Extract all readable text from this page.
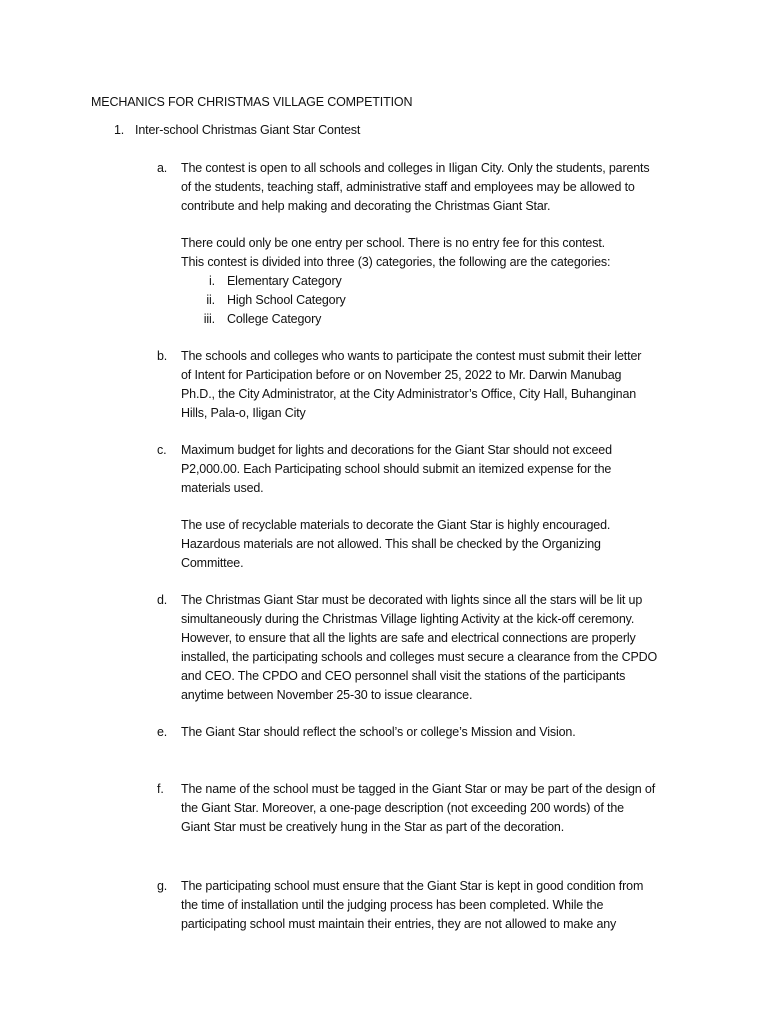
MECHANICS FOR CHRISTMAS VILLAGE COMPETITION
1. Inter-school Christmas Giant Star Contest
a. The contest is open to all schools and colleges in Iligan City. Only the students, parents
of the students, teaching staff, administrative staff and employees may be allowed to
contribute and help making and decorating the Christmas Giant Star.
There could only be one entry per school. There is no entry fee for this contest.
This contest is divided into three (3) categories, the following are the categories:
i. Elementary Category
ii. High School Category
iii. College Category
b. The schools and colleges who wants to participate the contest must submit their letter
of Intent for Participation before or on November 25, 2022 to Mr. Darwin Manubag
Ph.D., the City Administrator, at the City Administrator’s Office, City Hall, Buhanginan
Hills, Pala-o, Iligan City
c. Maximum budget for lights and decorations for the Giant Star should not exceed
P2,000.00. Each Participating school should submit an itemized expense for the
materials used.
The use of recyclable materials to decorate the Giant Star is highly encouraged.
Hazardous materials are not allowed. This shall be checked by the Organizing
Committee.
d. The Christmas Giant Star must be decorated with lights since all the stars will be lit up
simultaneously during the Christmas Village lighting Activity at the kick-off ceremony.
However, to ensure that all the lights are safe and electrical connections are properly
installed, the participating schools and colleges must secure a clearance from the CPDO
and CEO. The CPDO and CEO personnel shall visit the stations of the participants
anytime between November 25-30 to issue clearance.
e. The Giant Star should reflect the school’s or college’s Mission and Vision.
f. The name of the school must be tagged in the Giant Star or may be part of the design of
the Giant Star. Moreover, a one-page description (not exceeding 200 words) of the
Giant Star must be creatively hung in the Star as part of the decoration.
g. The participating school must ensure that the Giant Star is kept in good condition from
the time of installation until the judging process has been completed. While the
participating school must maintain their entries, they are not allowed to make any
